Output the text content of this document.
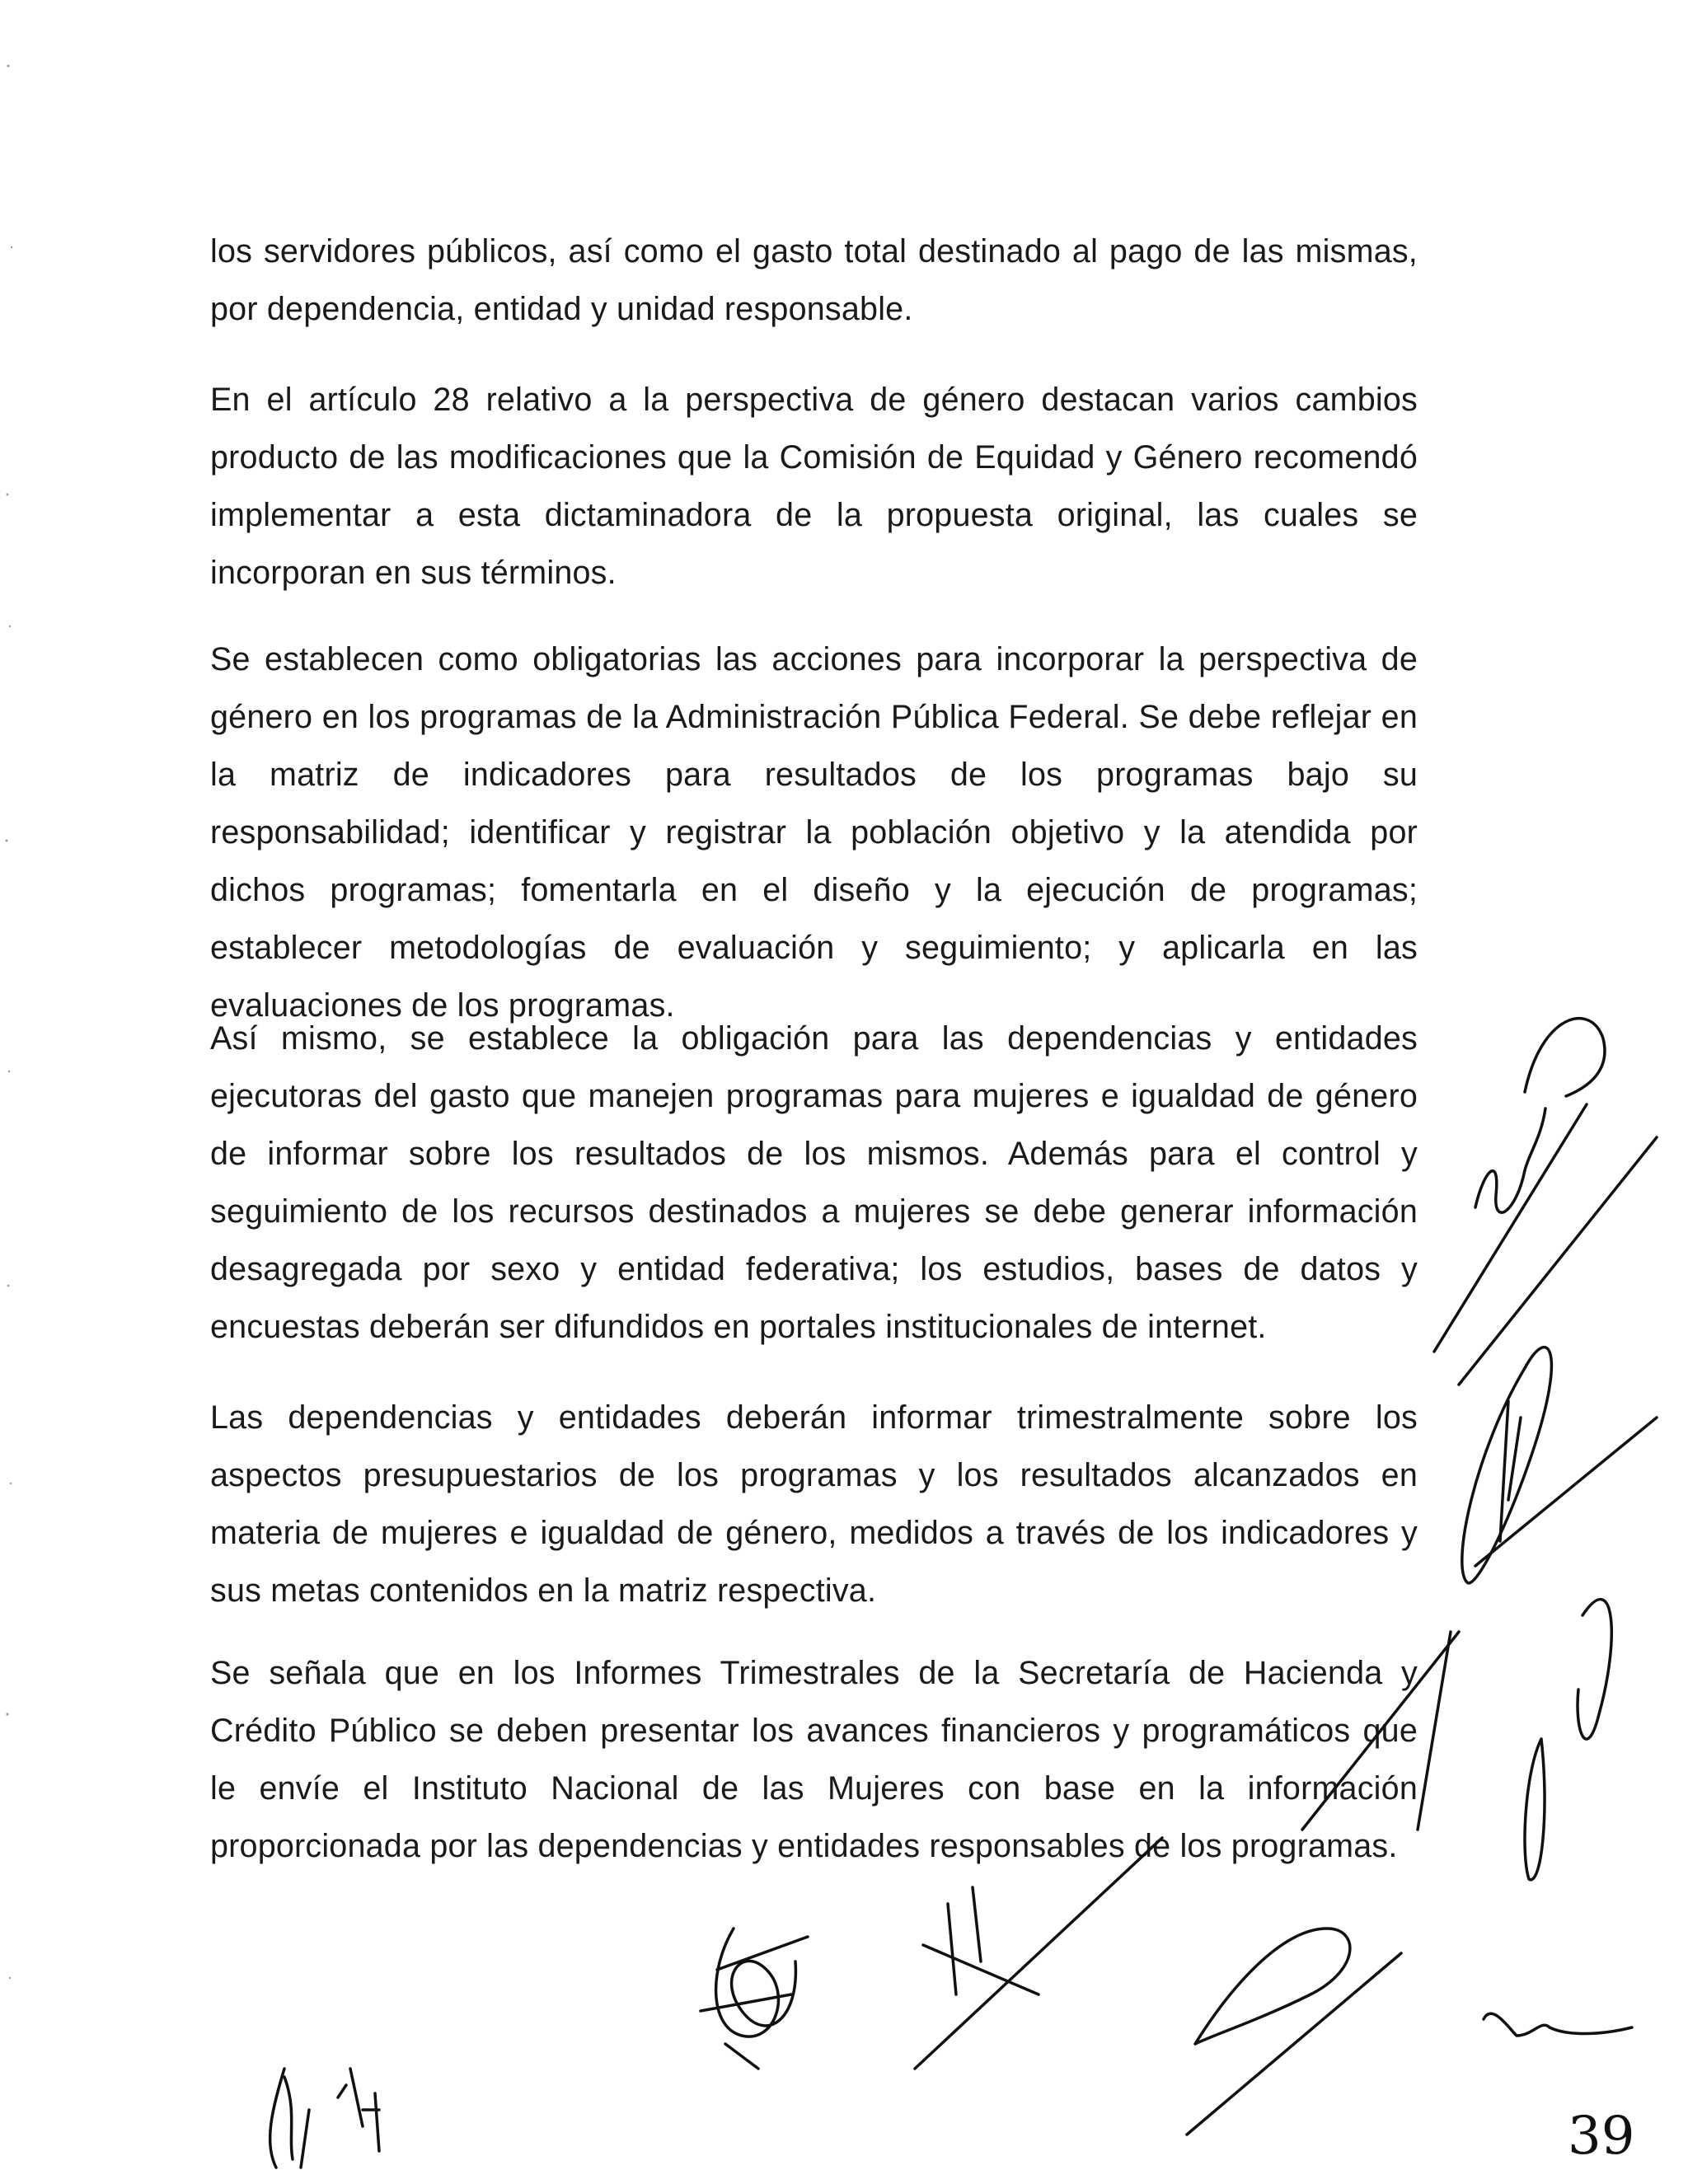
los servidores públicos, así como el gasto total destinado al pago de las mismas, por dependencia, entidad y unidad responsable.

En el artículo 28 relativo a la perspectiva de género destacan varios cambios producto de las modificaciones que la Comisión de Equidad y Género recomendó implementar a esta dictaminadora de la propuesta original, las cuales se incorporan en sus términos.

Se establecen como obligatorias las acciones para incorporar la perspectiva de género en los programas de la Administración Pública Federal. Se debe reflejar en la matriz de indicadores para resultados de los programas bajo su responsabilidad; identificar y registrar la población objetivo y la atendida por dichos programas; fomentarla en el diseño y la ejecución de programas; establecer metodologías de evaluación y seguimiento; y aplicarla en las evaluaciones de los programas.

Así mismo, se establece la obligación para las dependencias y entidades ejecutoras del gasto que manejen programas para mujeres e igualdad de género de informar sobre los resultados de los mismos. Además para el control y seguimiento de los recursos destinados a mujeres se debe generar información desagregada por sexo y entidad federativa; los estudios, bases de datos y encuestas deberán ser difundidos en portales institucionales de internet.

Las dependencias y entidades deberán informar trimestralmente sobre los aspectos presupuestarios de los programas y los resultados alcanzados en materia de mujeres e igualdad de género, medidos a través de los indicadores y sus metas contenidos en la matriz respectiva.

Se señala que en los Informes Trimestrales de la Secretaría de Hacienda y Crédito Público se deben presentar los avances financieros y programáticos que le envíe el Instituto Nacional de las Mujeres con base en la información proporcionada por las dependencias y entidades responsables de los programas.

39
